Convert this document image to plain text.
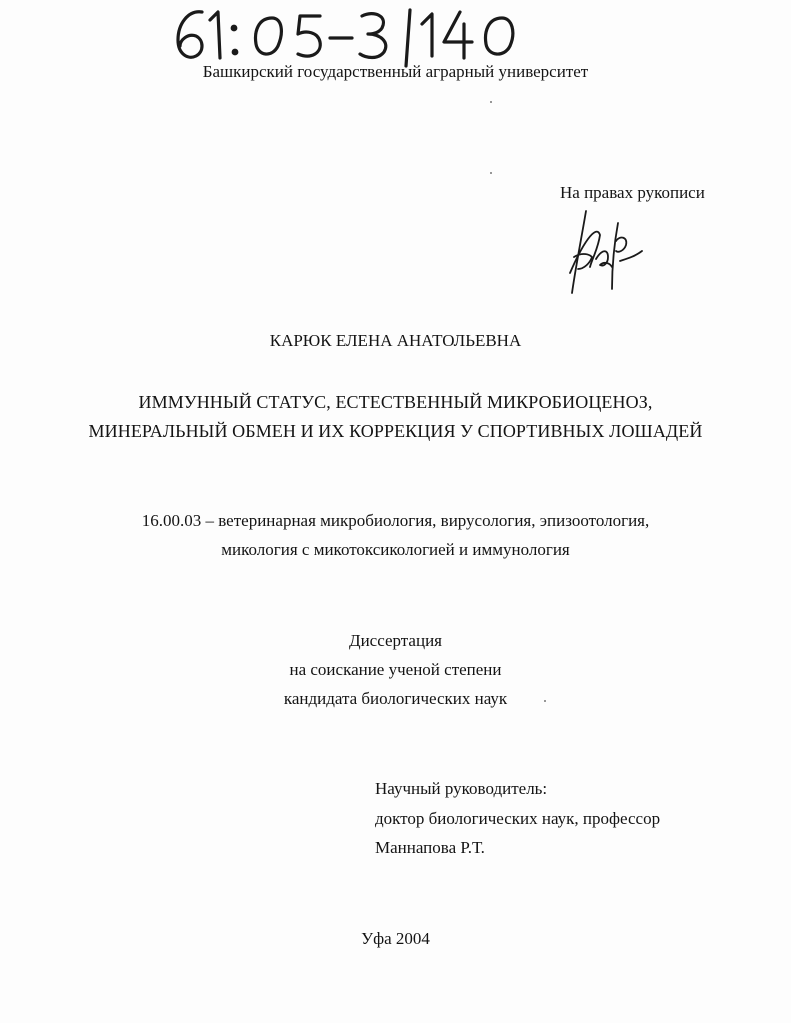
Башкирский государственный аграрный университет
На правах рукописи
КАРЮК ЕЛЕНА АНАТОЛЬЕВНА
ИММУННЫЙ СТАТУС, ЕСТЕСТВЕННЫЙ МИКРОБИОЦЕНОЗ,
МИНЕРАЛЬНЫЙ ОБМЕН И ИХ КОРРЕКЦИЯ У СПОРТИВНЫХ ЛОШАДЕЙ
16.00.03 – ветеринарная микробиология, вирусология, эпизоотология,
микология с микотоксикологией и иммунология
Диссертация
на соискание ученой степени
кандидата биологических наук
Научный руководитель:
доктор биологических наук, профессор
Маннапова Р.Т.
Уфа 2004
